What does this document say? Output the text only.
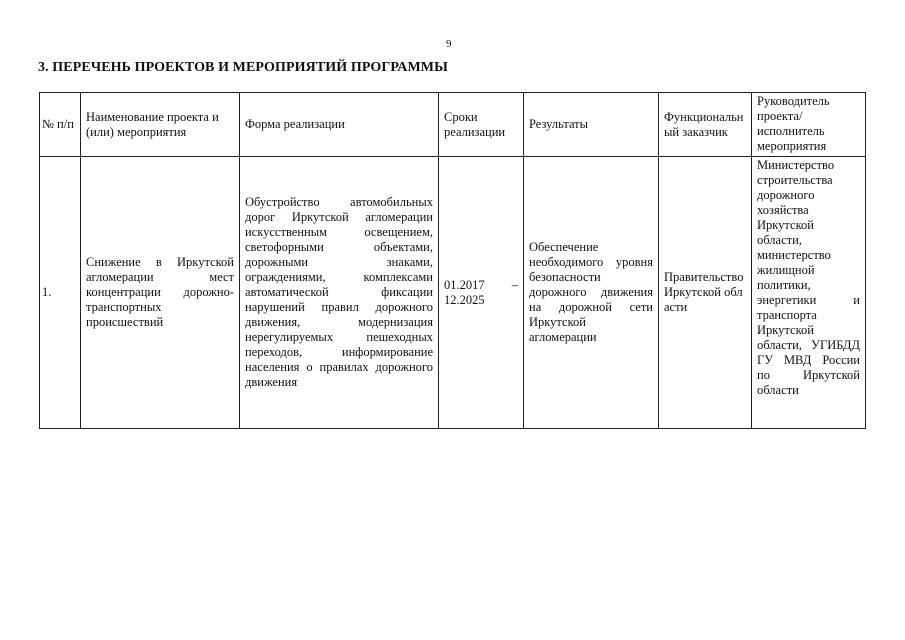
9
3. ПЕРЕЧЕНЬ ПРОЕКТОВ И МЕРОПРИЯТИЙ ПРОГРАММЫ
№ п/п	Наименование проекта и (или) мероприятия	Форма реализации	Сроки реализации	Результаты	Функциональный заказчик	Руководитель проекта/ исполнитель мероприятия
1.	Снижение в Иркутской агломерации мест концентрации дорожно-транспортных происшествий	Обустройство автомобильных дорог Иркутской агломерации искусственным освещением, светофорными объектами, дорожными знаками, ограждениями, комплексами автоматической фиксации нарушений правил дорожного движения, модернизация нерегулируемых пешеходных переходов, информирование населения о правилах дорожного движения	01.2017 – 12.2025	Обеспечение необходимого уровня безопасности дорожного движения на дорожной сети Иркутской агломерации	Правительство Иркутской области	Министерство строительства дорожного хозяйства Иркутской области, министерство жилищной политики, энергетики и транспорта Иркутской области, УГИБДД ГУ МВД России по Иркутской области
